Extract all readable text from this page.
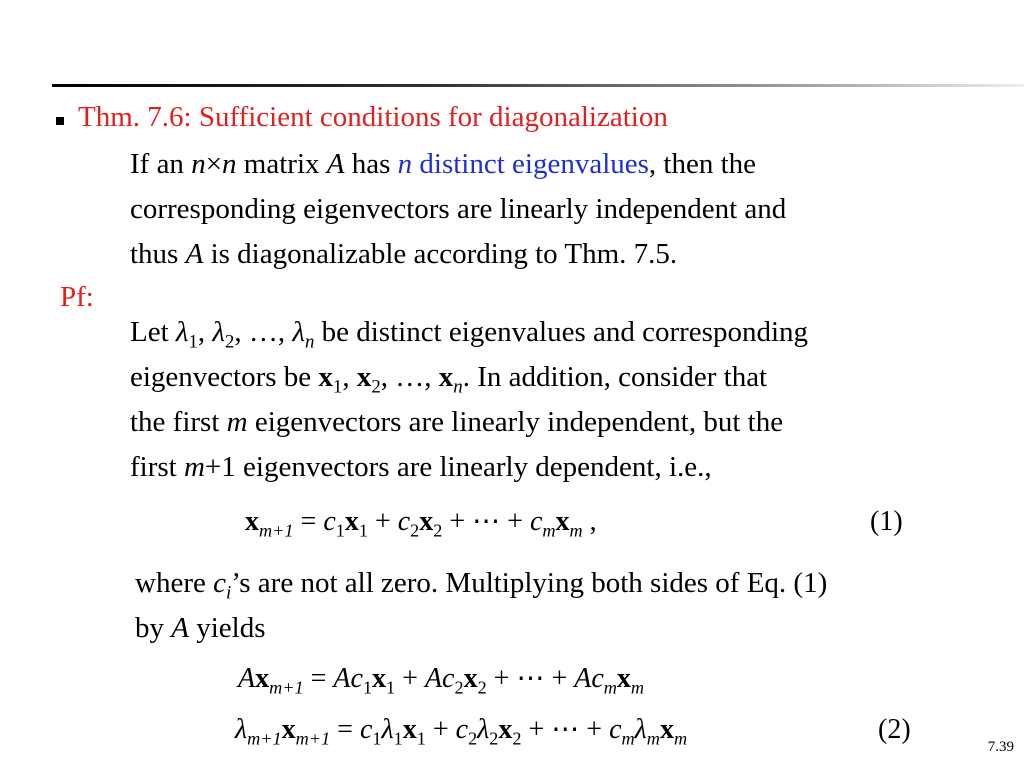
Thm. 7.6: Sufficient conditions for diagonalization
If an n×n matrix A has n distinct eigenvalues, then the
corresponding eigenvectors are linearly independent and
thus A is diagonalizable according to Thm. 7.5.
Pf:
Let $\lambda_1$, $\lambda_2$, …, $\lambda_n$ be distinct eigenvalues and corresponding
eigenvectors be $x_1$, $x_2$, …, $x_n$. In addition, consider that
the first m eigenvectors are linearly independent, but the
first m+1 eigenvectors are linearly dependent, i.e.,
$x_{m+1} = c_1x_1 + c_2x_2$ + ⋯ + $c_mx_m$ ,	(1)
where $c_i’s$ are not all zero. Multiplying both sides of Eq. (1)
by A yields
$Ax_{m+1} = Ac_1x_1 + Ac_2x_2$ + ⋯ + $Ac_mx_m$
$\lambda_{m+1}x_{m+1} = c_1\lambda_1x_1 + c_2\lambda_2x_2$ + ⋯ + $c_m\lambda_mx_m$	(2)
7.39
